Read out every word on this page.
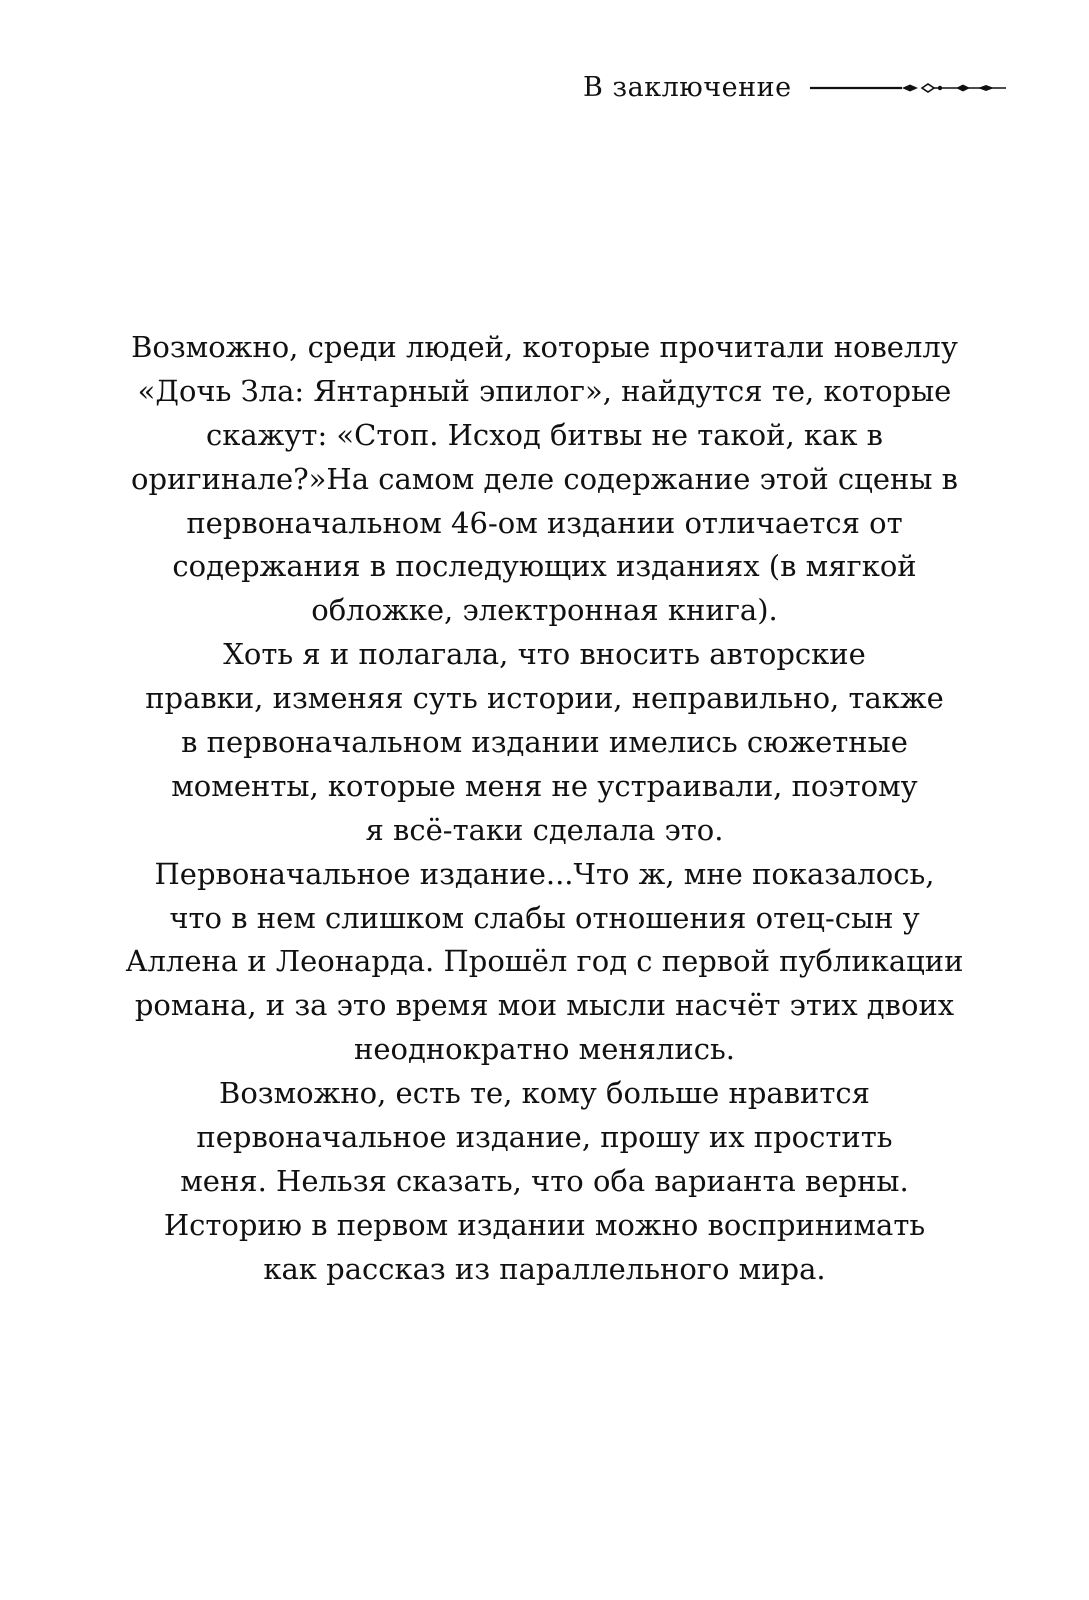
В заключение
Возможно, среди людей, которые прочитали новеллу
«Дочь Зла: Янтарный эпилог», найдутся те, которые
скажут: «Стоп. Исход битвы не такой, как в
оригинале?»На самом деле содержание этой сцены в
первоначальном 46-ом издании отличается от
содержания в последующих изданиях (в мягкой
обложке, электронная книга).
Хоть я и полагала, что вносить авторские
правки, изменяя суть истории, неправильно, также
в первоначальном издании имелись сюжетные
моменты, которые меня не устраивали, поэтому
я всё-таки сделала это.
Первоначальное издание...Что ж, мне показалось,
что в нем слишком слабы отношения отец-сын у
Аллена и Леонарда. Прошёл год с первой публикации
романа, и за это время мои мысли насчёт этих двоих
неоднократно менялись.
Возможно, есть те, кому больше нравится
первоначальное издание, прошу их простить
меня. Нельзя сказать, что оба варианта верны.
Историю в первом издании можно воспринимать
как рассказ из параллельного мира.
